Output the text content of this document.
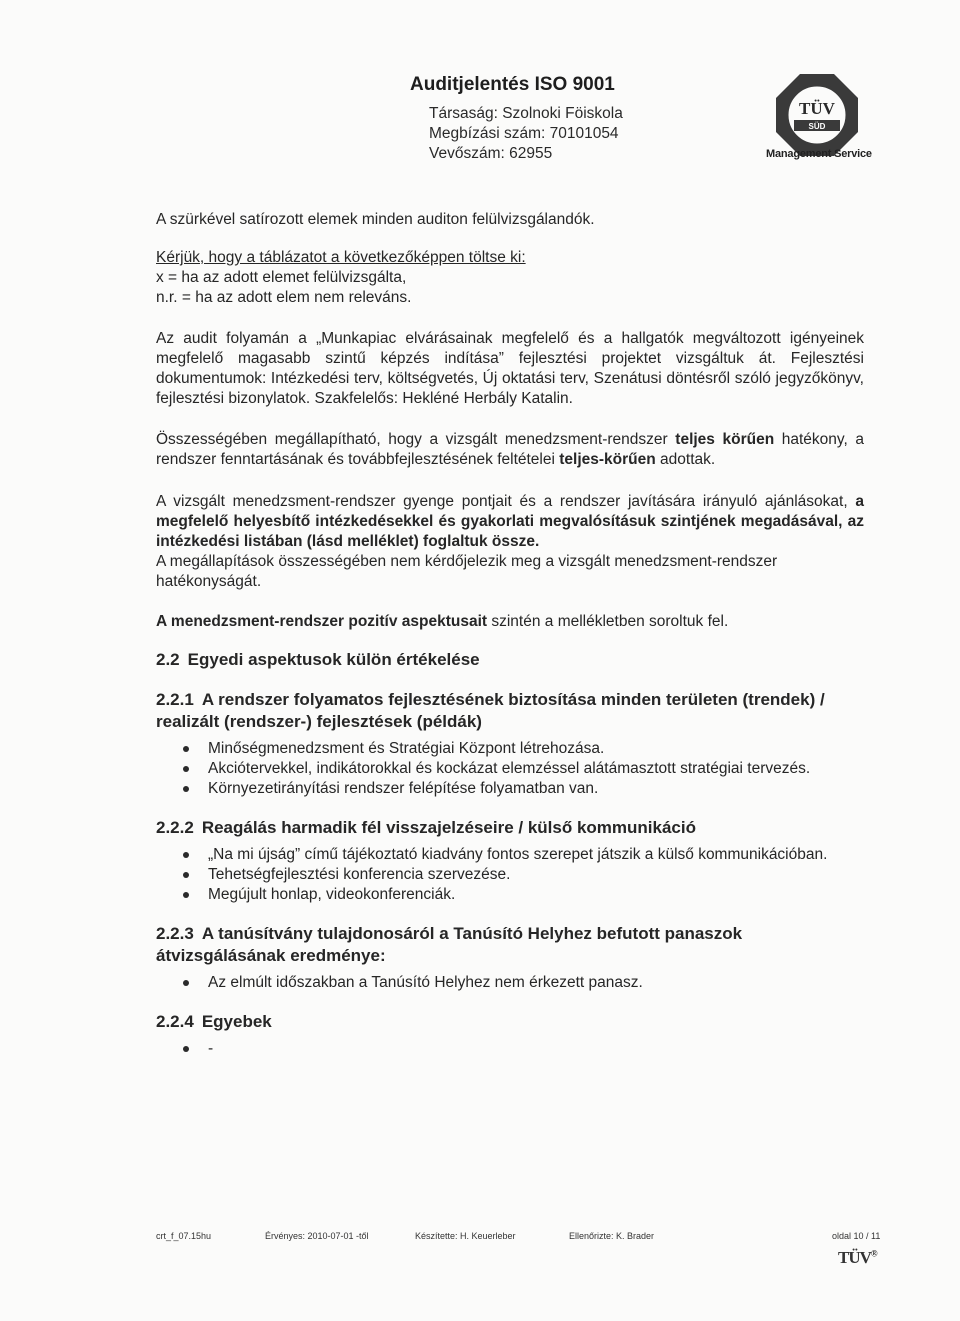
Auditjelentés ISO 9001
Társaság: Szolnoki Föiskola
Megbízási szám: 70101054
Vevőszám: 62955
TÜV
SÜD
Management Service

A szürkével satírozott elemek minden auditon felülvizsgálandók.

Kérjük, hogy a táblázatot a következőképpen töltse ki:

x = ha az adott elemet felülvizsgálta,

n.r. = ha az adott elem nem releváns.

Az audit folyamán a „Munkapiac elvárásainak megfelelő és a hallgatók megváltozott igényeinek megfelelő magasabb szintű képzés indítása” fejlesztési projektet vizsgáltuk át. Fejlesztési dokumentumok: Intézkedési terv, költségvetés, Új oktatási terv, Szenátusi döntésről szóló jegyzőkönyv, fejlesztési bizonylatok. Szakfelelős: Hekléné Herbály Katalin.

Összességében megállapítható, hogy a vizsgált menedzsment-rendszer teljes körűen hatékony, a rendszer fenntartásának és továbbfejlesztésének feltételei teljes-körűen adottak.

A vizsgált menedzsment-rendszer gyenge pontjait és a rendszer javítására irányuló ajánlásokat, a megfelelő helyesbítő intézkedésekkel és gyakorlati megvalósításuk szintjének megadásával, az intézkedési listában (lásd melléklet) foglaltuk össze.

A megállapítások összességében nem kérdőjelezik meg a vizsgált menedzsment-rendszer hatékonyságát.

A menedzsment-rendszer pozitív aspektusait szintén a mellékletben soroltuk fel.

2.2 Egyedi aspektusok külön értékelése
2.2.1 A rendszer folyamatos fejlesztésének biztosítása minden területen (trendek) / realizált (rendszer-) fejlesztések (példák)
Minőségmenedzsment és Stratégiai Központ létrehozása.
Akciótervekkel, indikátorokkal és kockázat elemzéssel alátámasztott stratégiai tervezés.
Környezetirányítási rendszer felépítése folyamatban van.
2.2.2 Reagálás harmadik fél visszajelzéseire / külső kommunikáció
„Na mi újság” című tájékoztató kiadvány fontos szerepet játszik a külső kommunikációban.
Tehetségfejlesztési konferencia szervezése.
Megújult honlap, videokonferenciák.
2.2.3 A tanúsítvány tulajdonosáról a Tanúsító Helyhez befutott panaszok átvizsgálásának eredménye:
Az elmúlt időszakban a Tanúsító Helyhez nem érkezett panasz.
2.2.4 Egyebek
-
crt_f_07.15hu	Érvényes: 2010-07-01 -től	Készítette: H. Keuerleber	Ellenőrizte: K. Brader	oldal 10 / 11
TÜV®
